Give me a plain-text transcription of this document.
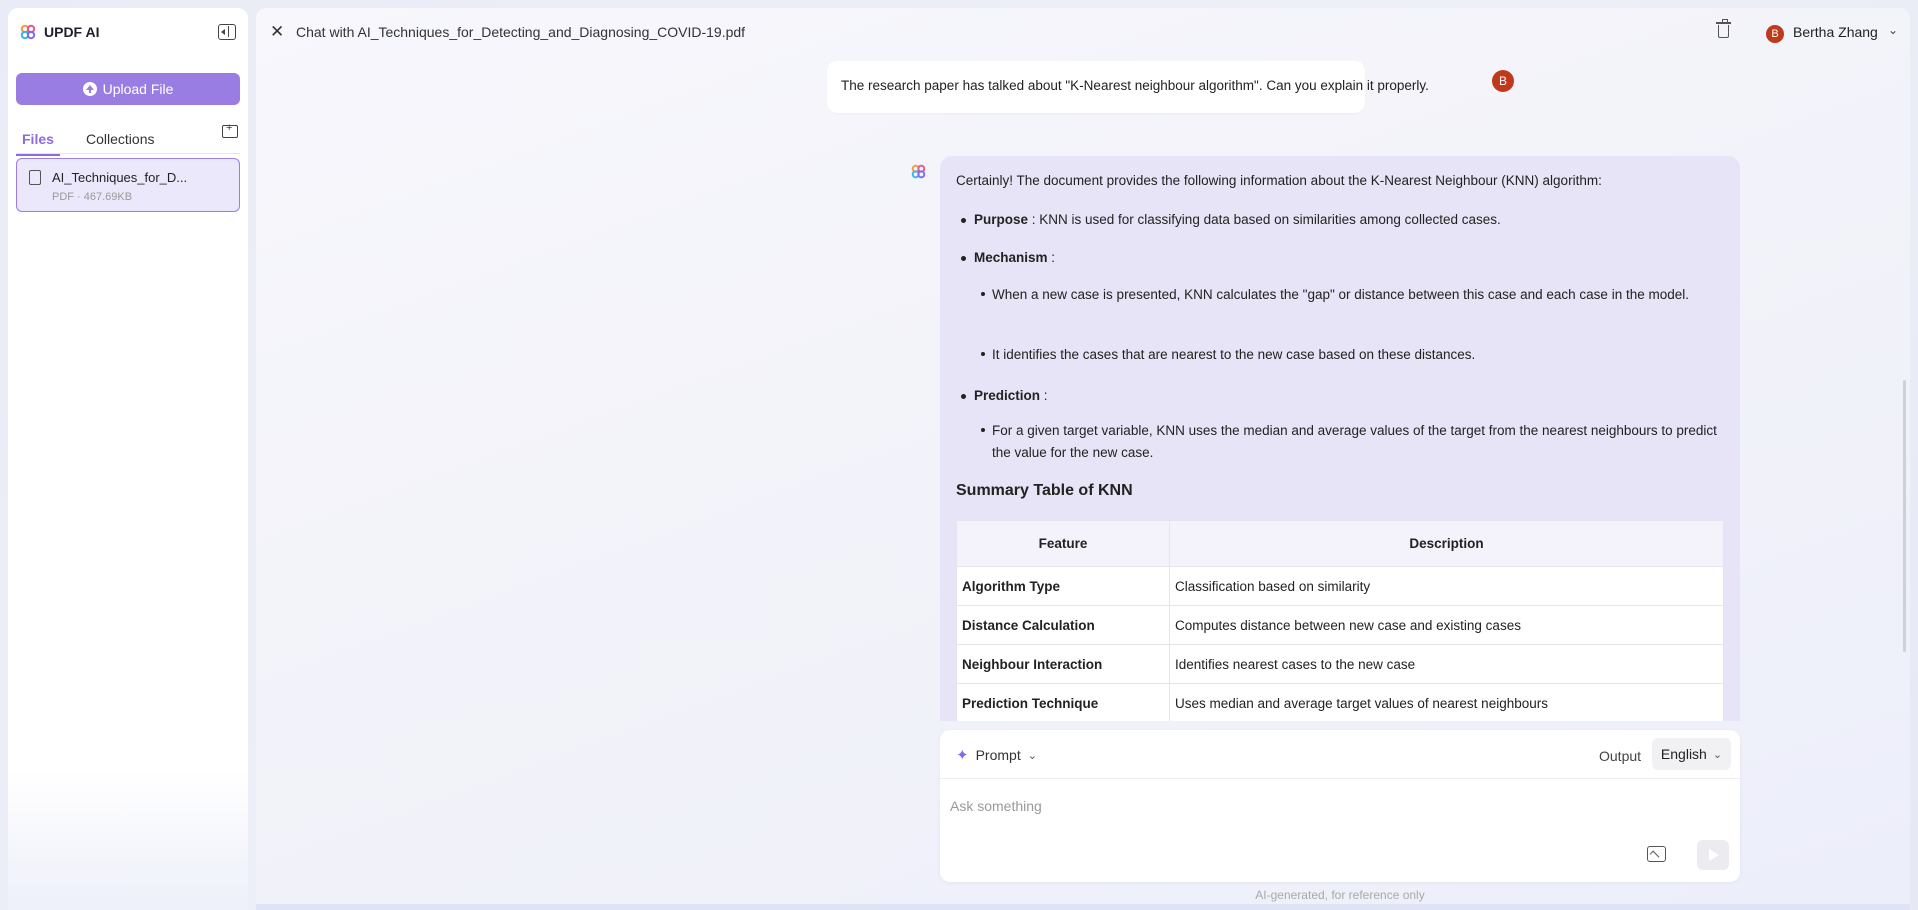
UPDF AI
Upload File
Files Collections
+
AI_Techniques_for_D...
PDF · 467.69KB
✕ Chat with AI_Techniques_for_Detecting_and_Diagnosing_COVID-19.pdf	B	Bertha Zhang ⌄
The research paper has talked about "K-Nearest neighbour algorithm". Can you explain it properly.	B
Certainly! The document provides the following information about the K-Nearest Neighbour (KNN) algorithm:
Purpose : KNN is used for classifying data based on similarities among collected cases.
Mechanism :
When a new case is presented, KNN calculates the "gap" or distance between this case and each case in the model.
It identifies the cases that are nearest to the new case based on these distances.
Prediction :
For a given target variable, KNN uses the median and average values of the target from the nearest neighbours to predict the value for the new case.
Summary Table of KNN
Feature	Description
Algorithm Type	Classification based on similarity
Distance Calculation	Computes distance between new case and existing cases
Neighbour Interaction	Identifies nearest cases to the new case
Prediction Technique	Uses median and average target values of nearest neighbours
✦ Prompt ⌄	Output English ⌄
Ask something
AI-generated, for reference only
